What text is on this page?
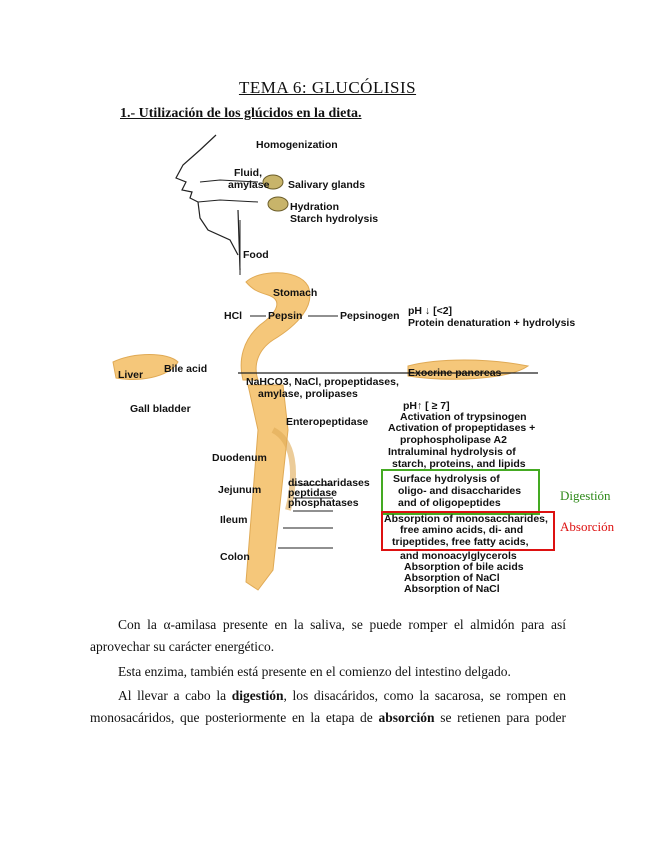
TEMA 6: GLUCÓLISIS
1.- Utilización de los glúcidos en la dieta.
Homogenization
Fluid,
amylase Salivary glands
Hydration
Starch hydrolysis
Food
Stomach
HCl Pepsin	Pepsinogen pH ↓ [<2]
Protein denaturation + hydrolysis
Liver Bile acid
Gall bladder
Exocrine pancreas
NaHCO3, NaCl, propeptidases,
amylase, prolipases
pH↑ [ ≥ 7]
Enteropeptidase	Activation of trypsinogen
Activation of propeptidases +
prophospholipase A2
Intraluminal hydrolysis of
starch, proteins, and lipids
Duodenum
Jejunum
Ileum
Colon
disaccharidases
peptidase
phosphatases
Surface hydrolysis of
oligo- and disaccharides
and of oligopeptides
Absorption of monosaccharides,
free amino acids, di- and
tripeptides, free fatty acids,
and monoacylglycerols
Absorption of bile acids
Absorption of NaCl
Absorption of NaCl
Digestión
Absorción
Con la α-amilasa presente en la saliva, se puede romper el almidón para así
aprovechar su carácter energético.
Esta enzima, también está presente en el comienzo del intestino delgado.
Al llevar a cabo la digestión, los disacáridos, como la sacarosa, se rompen en
monosacáridos, que posteriormente en la etapa de absorción se retienen para poder
